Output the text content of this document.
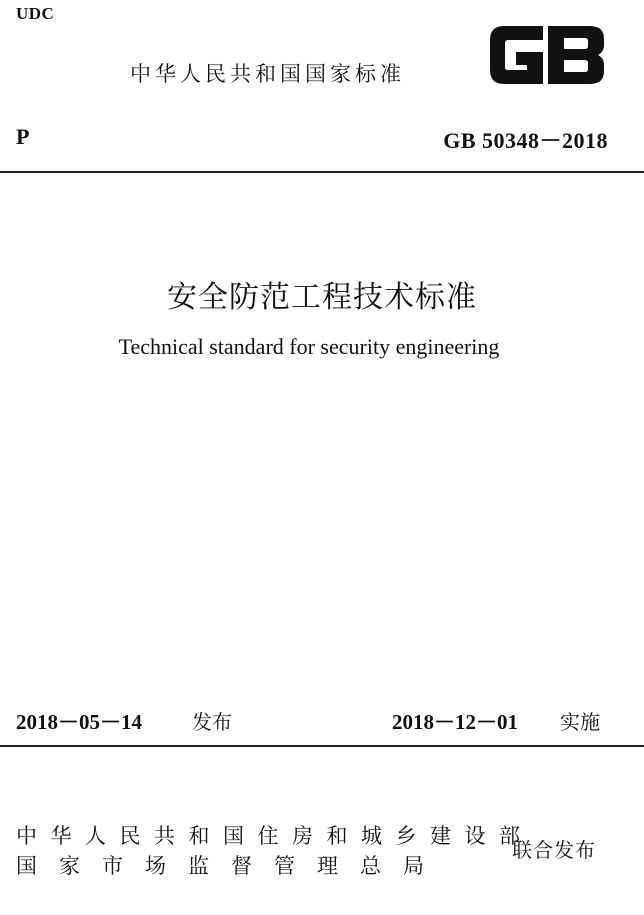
UDC
中华人民共和国国家标准
P	GB 50348－2018
安全防范工程技术标准
Technical standard for security engineering
2018－05－14	发布	2018－12－01 实施
中华人民共和国住房和城乡建设部
国家市场监督管理总局
联合发布
